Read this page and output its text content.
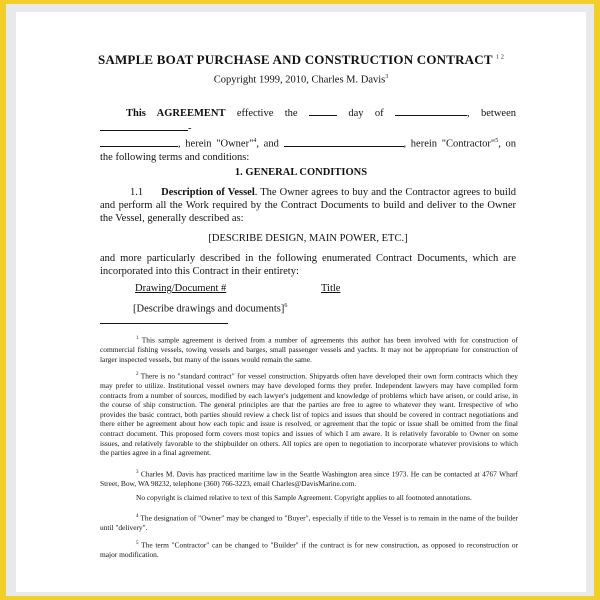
SAMPLE BOAT PURCHASE AND CONSTRUCTION CONTRACT $^{1 2}$
Copyright 1999, 2010, Charles M. Davis$^3$
This AGREEMENT effective the	day of	, between -
, herein "Owner"$^4$, and	, herein "Contractor"$^5$, on the following terms and conditions:
1. GENERAL CONDITIONS
1.1 Description of Vessel. The Owner agrees to buy and the Contractor agrees to build and perform all the Work required by the Contract Documents to build and deliver to the Owner the Vessel, generally described as:
[DESCRIBE DESIGN, MAIN POWER, ETC.]
and more particularly described in the following enumerated Contract Documents, which are incorporated into this Contract in their entirety:
Drawing/Document #	Title
[Describe drawings and documents]$^6$
$^1$ This sample agreement is derived from a number of agreements this author has been involved with for construction of commercial fishing vessels, towing vessels and barges, small passenger vessels and yachts. It may not be appropriate for construction of larger inspected vessels, but many of the issues would remain the same.
$^2$ There is no "standard contract" for vessel construction. Shipyards often have developed their own form contracts which they may prefer to utilize. Institutional vessel owners may have developed forms they prefer. Independent lawyers may have compiled form contracts from a number of sources, modified by each lawyer's judgement and knowledge of problems which have arisen, or could arise, in the course of ship construction. The general principles are that the parties are free to agree to whatever they want. Irrespective of who provides the basic contract, both parties should review a check list of topics and issues that should be covered in contract negotiations and there either be agreement about how each topic and issue is resolved, or agreement that the topic or issue shall be omitted from the final contract document. This proposed form covers most topics and issues of which I am aware. It is relatively favorable to Owner on some issues, and relatively favorable to the shipbuilder on others. All topics are open to negotiation to incorporate whatever provisions to which the parties agree in a final agreement.
$^3$ Charles M. Davis has practiced maritime law in the Seattle Washington area since 1973. He can be contacted at 4767 Wharf Street, Bow, WA 98232, telephone (360) 766-3223, email Charles@DavisMarine.com.
No copyright is claimed relative to text of this Sample Agreement. Copyright applies to all footnoted annotations.
$^4$ The designation of "Owner" may be changed to "Buyer", especially if title to the Vessel is to remain in the name of the builder until "delivery".
$^5$ The term "Contractor" can be changed to "Builder" if the contract is for new construction, as opposed to reconstruction or major modification.
